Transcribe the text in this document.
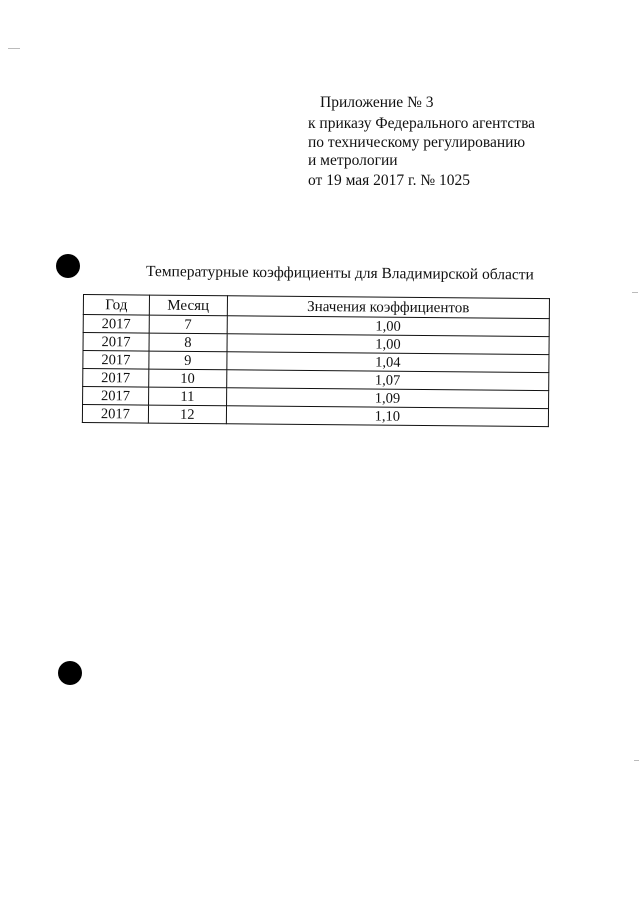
Приложение № 3
к приказу Федерального агентства
по техническому регулированию
и метрологии
от 19 мая 2017 г. № 1025
Температурные коэффициенты для Владимирской области
Год	Месяц	Значения коэффициентов
2017	7	1,00
2017	8	1,00
2017	9	1,04
2017	10	1,07
2017	11	1,09
2017	12	1,10
